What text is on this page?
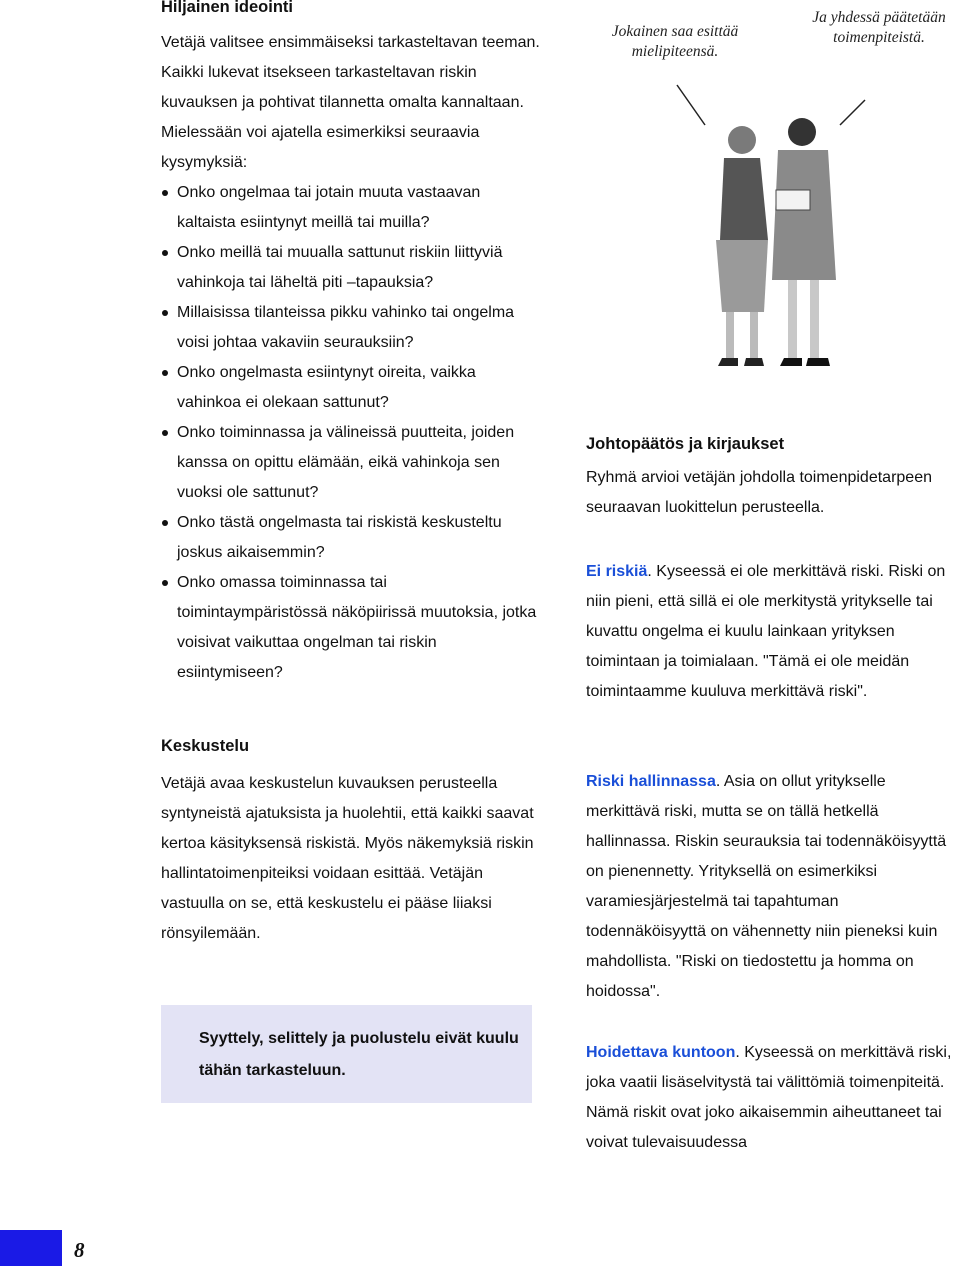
Hiljainen ideointi

Vetäjä valitsee ensimmäiseksi tarkasteltavan teeman. Kaikki lukevat itsekseen tarkasteltavan riskin kuvauksen ja pohtivat tilannetta omalta kannaltaan. Mielessään voi ajatella esimerkiksi seuraavia kysymyksiä:

Onko ongelmaa tai jotain muuta vastaavan kaltaista esiintynyt meillä tai muilla?
Onko meillä tai muualla sattunut riskiin liittyviä vahinkoja tai läheltä piti –tapauksia?
Millaisissa tilanteissa pikku vahinko tai ongelma voisi johtaa vakaviin seurauksiin?
Onko ongelmasta esiintynyt oireita, vaikka vahinkoa ei olekaan sattunut?
Onko toiminnassa ja välineissä puutteita, joiden kanssa on opittu elämään, eikä vahinkoja sen vuoksi ole sattunut?
Onko tästä ongelmasta tai riskistä keskusteltu joskus aikaisemmin?
Onko omassa toiminnassa tai toimintaympäristössä näköpiirissä muutoksia, jotka voisivat vaikuttaa ongelman tai riskin esiintymiseen?
Keskustelu

Vetäjä avaa keskustelun kuvauksen perusteella syntyneistä ajatuksista ja huolehtii, että kaikki saavat kertoa käsityksensä riskistä. Myös näkemyksiä riskin hallintatoimenpiteiksi voidaan esittää. Vetäjän vastuulla on se, että keskustelu ei pääse liiaksi rönsyilemään.

Syyttely, selittely ja puolustelu eivät kuulu tähän tarkasteluun.

Jokainen saa esittää mielipiteensä.
Ja yhdessä päätetään toimenpiteistä.
Johtopäätös ja kirjaukset

Ryhmä arvioi vetäjän johdolla toimenpidetarpeen seuraavan luokittelun perusteella.

Ei riskiä. Kyseessä ei ole merkittävä riski. Riski on niin pieni, että sillä ei ole merkitystä yritykselle tai kuvattu ongelma ei kuulu lainkaan yrityksen toimintaan ja toimialaan. "Tämä ei ole meidän toimintaamme kuuluva merkittävä riski".

Riski hallinnassa. Asia on ollut yritykselle merkittävä riski, mutta se on tällä hetkellä hallinnassa. Riskin seurauksia tai todennäköisyyttä on pienennetty. Yrityksellä on esimerkiksi varamiesjärjestelmä tai tapahtuman todennäköisyyttä on vähennetty niin pieneksi kuin mahdollista. "Riski on tiedostettu ja homma on hoidossa".

Hoidettava kuntoon. Kyseessä on merkittävä riski, joka vaatii lisäselvitystä tai välittömiä toimenpiteitä. Nämä riskit ovat joko aikaisemmin aiheuttaneet tai voivat tulevaisuudessa

8
